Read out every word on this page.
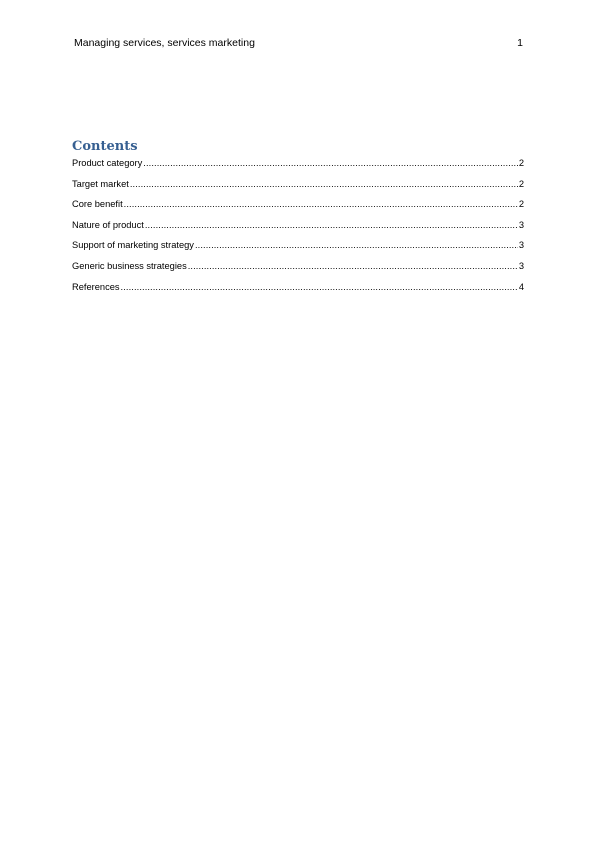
Managing services, services marketing	1
Contents
Product category .....	2
Target market .....	2
Core benefit .....	2
Nature of product .....	3
Support of marketing strategy .....	3
Generic business strategies .....	3
References .....	4
